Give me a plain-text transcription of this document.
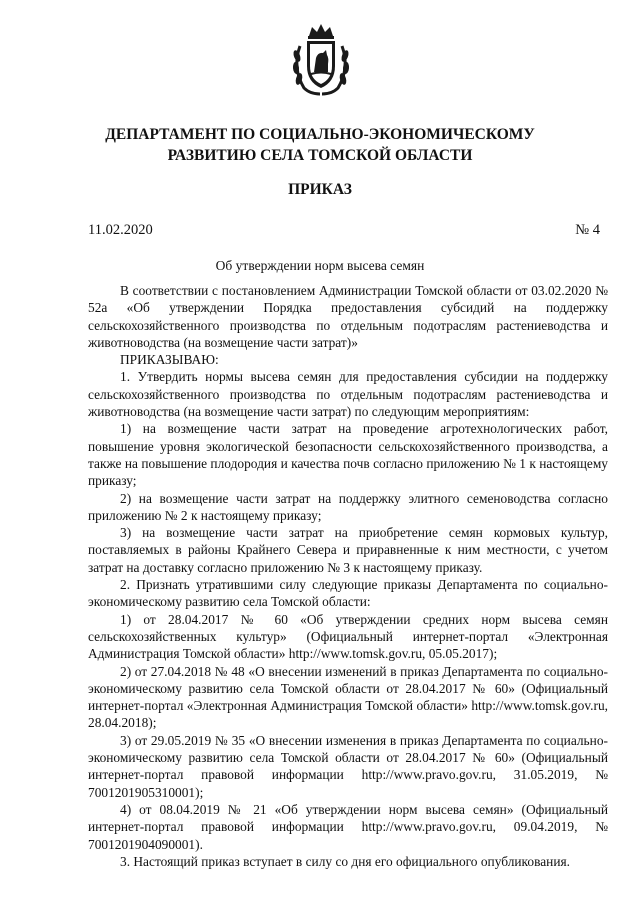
ДЕПАРТАМЕНТ ПО СОЦИАЛЬНО-ЭКОНОМИЧЕСКОМУ
РАЗВИТИЮ СЕЛА ТОМСКОЙ ОБЛАСТИ
ПРИКАЗ
11.02.2020	№ 4
Об утверждении норм высева семян

В соответствии с постановлением Администрации Томской области от 03.02.2020 № 52а «Об утверждении Порядка предоставления субсидий на поддержку сельскохозяйственного производства по отдельным подотраслям растениеводства и животноводства (на возмещение части затрат)»

ПРИКАЗЫВАЮ:

1. Утвердить нормы высева семян для предоставления субсидии на поддержку сельскохозяйственного производства по отдельным подотраслям растениеводства и животноводства (на возмещение части затрат) по следующим мероприятиям:

1) на возмещение части затрат на проведение агротехнологических работ, повышение уровня экологической безопасности сельскохозяйственного производства, а также на повышение плодородия и качества почв согласно приложению № 1 к настоящему приказу;

2) на возмещение части затрат на поддержку элитного семеноводства согласно приложению № 2 к настоящему приказу;

3) на возмещение части затрат на приобретение семян кормовых культур, поставляемых в районы Крайнего Севера и приравненные к ним местности, с учетом затрат на доставку согласно приложению № 3 к настоящему приказу.

2. Признать утратившими силу следующие приказы Департамента по социально-экономическому развитию села Томской области:

1) от 28.04.2017 № 60 «Об утверждении средних норм высева семян сельскохозяйственных культур» (Официальный интернет-портал «Электронная Администрация Томской области» http://www.tomsk.gov.ru, 05.05.2017);

2) от 27.04.2018 № 48 «О внесении изменений в приказ Департамента по социально-экономическому развитию села Томской области от 28.04.2017 № 60» (Официальный интернет-портал «Электронная Администрация Томской области» http://www.tomsk.gov.ru, 28.04.2018);

3) от 29.05.2019 № 35 «О внесении изменения в приказ Департамента по социально-экономическому развитию села Томской области от 28.04.2017 № 60» (Официальный интернет-портал правовой информации http://www.pravo.gov.ru, 31.05.2019, № 7001201905310001);

4) от 08.04.2019 № 21 «Об утверждении норм высева семян» (Официальный интернет-портал правовой информации http://www.pravo.gov.ru, 09.04.2019, № 7001201904090001).

3. Настоящий приказ вступает в силу со дня его официального опубликования.
